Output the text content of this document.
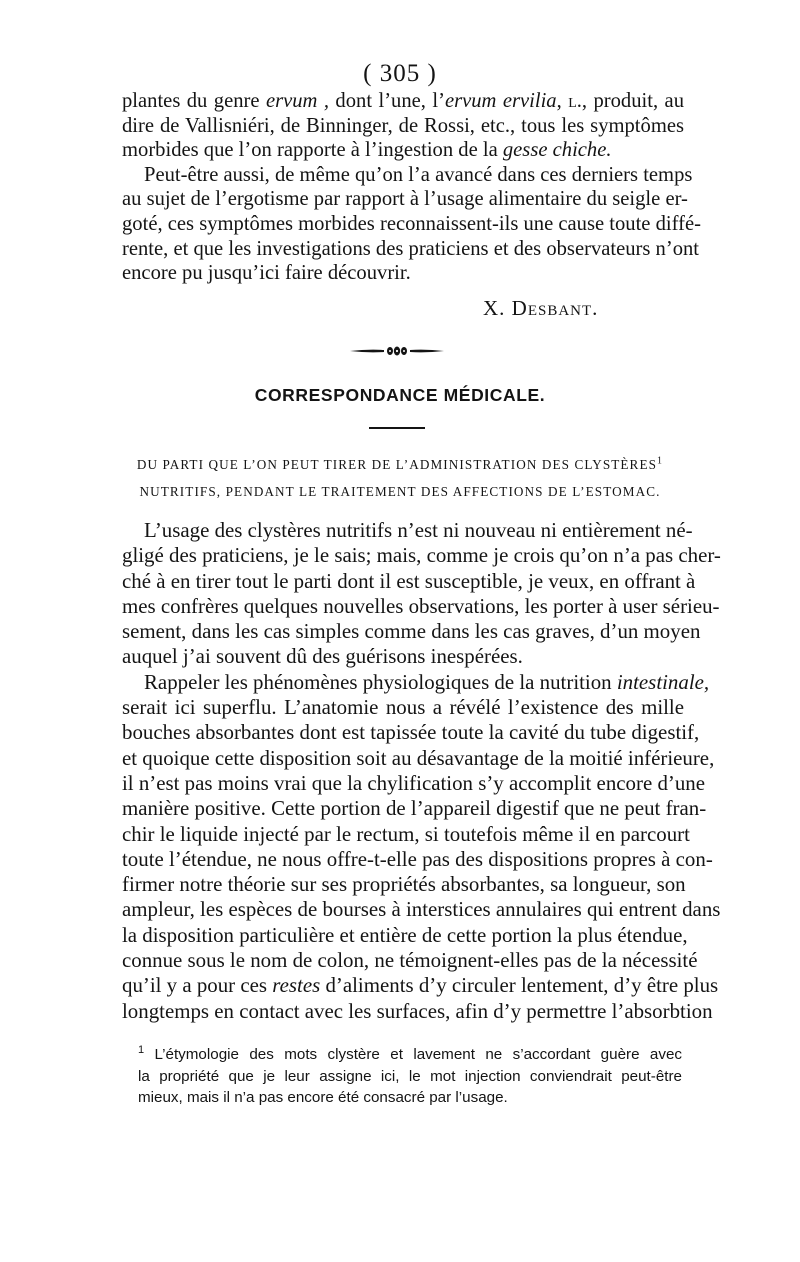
( 305 )
plantes du genre ervum , dont l’une, l’ervum ervilia, l., produit, au
dire de Vallisniéri, de Binninger, de Rossi, etc., tous les symptômes
morbides que l’on rapporte à l’ingestion de la gesse chiche.
Peut-être aussi, de même qu’on l’a avancé dans ces derniers temps
au sujet de l’ergotisme par rapport à l’usage alimentaire du seigle er-
goté, ces symptômes morbides reconnaissent-ils une cause toute diffé-
rente, et que les investigations des praticiens et des observateurs n’ont
encore pu jusqu’ici faire découvrir.
X. Desbant.
CORRESPONDANCE MÉDICALE.
DU PARTI QUE L’ON PEUT TIRER DE L’ADMINISTRATION DES CLYSTÈRES$^1$
NUTRITIFS, PENDANT LE TRAITEMENT DES AFFECTIONS DE L’ESTOMAC.
L’usage des clystères nutritifs n’est ni nouveau ni entièrement né-
gligé des praticiens, je le sais; mais, comme je crois qu’on n’a pas cher-
ché à en tirer tout le parti dont il est susceptible, je veux, en offrant à
mes confrères quelques nouvelles observations, les porter à user sérieu-
sement, dans les cas simples comme dans les cas graves, d’un moyen
auquel j’ai souvent dû des guérisons inespérées.
Rappeler les phénomènes physiologiques de la nutrition intestinale,
serait ici superflu. L’anatomie nous a révélé l’existence des mille
bouches absorbantes dont est tapissée toute la cavité du tube digestif,
et quoique cette disposition soit au désavantage de la moitié inférieure,
il n’est pas moins vrai que la chylification s’y accomplit encore d’une
manière positive. Cette portion de l’appareil digestif que ne peut fran-
chir le liquide injecté par le rectum, si toutefois même il en parcourt
toute l’étendue, ne nous offre-t-elle pas des dispositions propres à con-
firmer notre théorie sur ses propriétés absorbantes, sa longueur, son
ampleur, les espèces de bourses à interstices annulaires qui entrent dans
la disposition particulière et entière de cette portion la plus étendue,
connue sous le nom de colon, ne témoignent-elles pas de la nécessité
qu’il y a pour ces restes d’aliments d’y circuler lentement, d’y être plus
longtemps en contact avec les surfaces, afin d’y permettre l’absorbtion
$^1$ L’étymologie des mots clystère et lavement ne s’accordant guère avec
la propriété que je leur assigne ici, le mot injection conviendrait peut-être
mieux, mais il n’a pas encore été consacré par l’usage.
